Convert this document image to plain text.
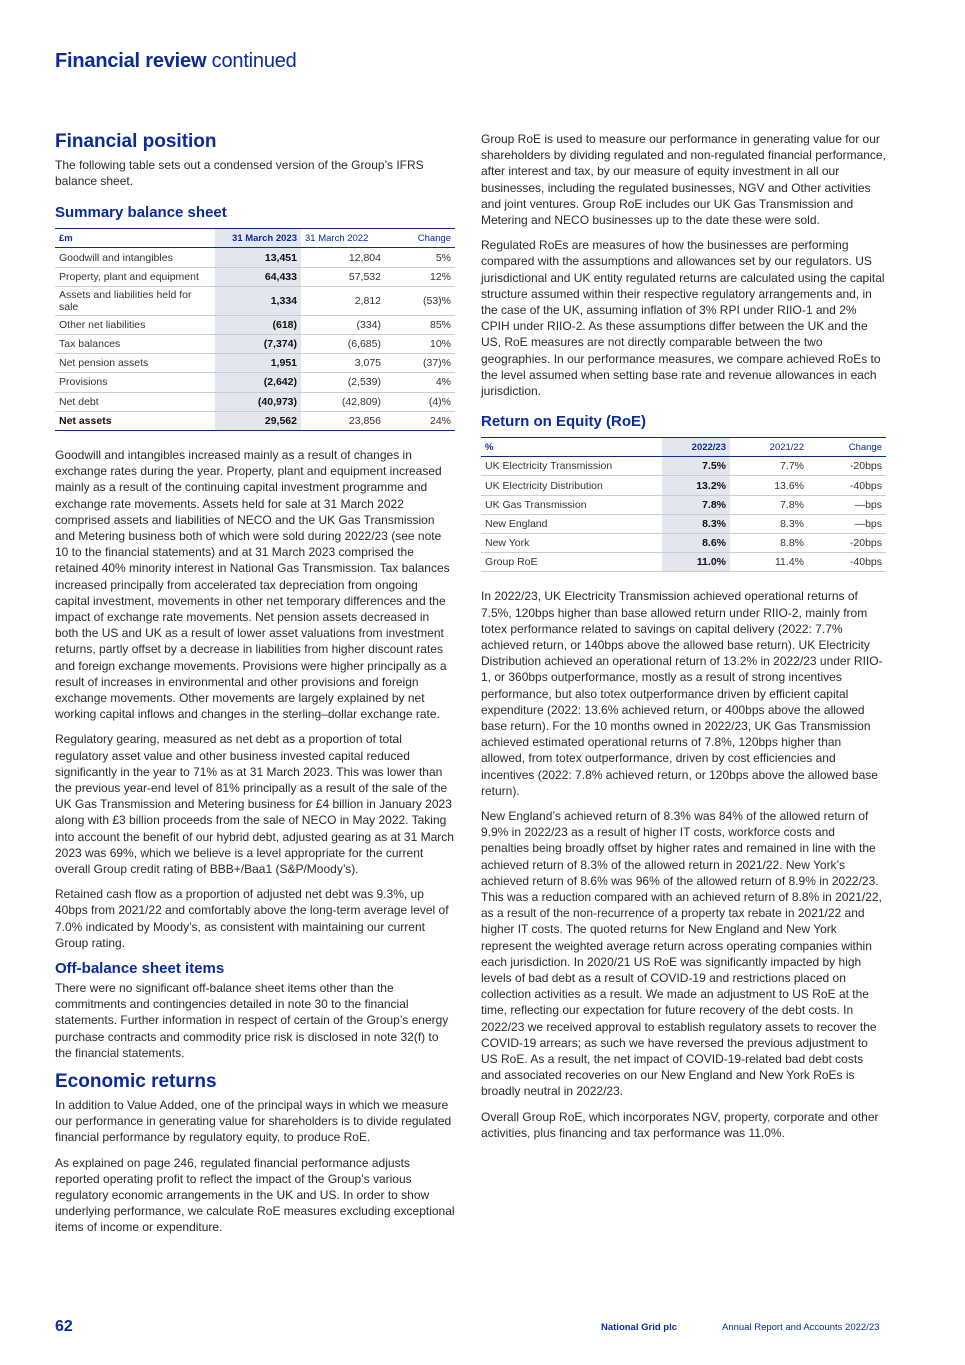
Financial review continued
Financial position

The following table sets out a condensed version of the Group’s IFRS balance sheet.

Summary balance sheet
£m	31 March 2023	31 March 2022	Change
Goodwill and intangibles	13,451	12,804	5%
Property, plant and equipment	64,433	57,532	12%
Assets and liabilities held for sale	1,334	2,812	(53)%
Other net liabilities	(618)	(334)	85%
Tax balances	(7,374)	(6,685)	10%
Net pension assets	1,951	3,075	(37)%
Provisions	(2,642)	(2,539)	4%
Net debt	(40,973)	(42,809)	(4)%
Net assets	29,562	23,856	24%

Goodwill and intangibles increased mainly as a result of changes in exchange rates during the year. Property, plant and equipment increased mainly as a result of the continuing capital investment programme and exchange rate movements. Assets held for sale at 31 March 2022 comprised assets and liabilities of NECO and the UK Gas Transmission and Metering business both of which were sold during 2022/23 (see note 10 to the financial statements) and at 31 March 2023 comprised the retained 40% minority interest in National Gas Transmission. Tax balances increased principally from accelerated tax depreciation from ongoing capital investment, movements in other net temporary differences and the impact of exchange rate movements. Net pension assets decreased in both the US and UK as a result of lower asset valuations from investment returns, partly offset by a decrease in liabilities from higher discount rates and foreign exchange movements. Provisions were higher principally as a result of increases in environmental and other provisions and foreign exchange movements. Other movements are largely explained by net working capital inflows and changes in the sterling–dollar exchange rate.

Regulatory gearing, measured as net debt as a proportion of total regulatory asset value and other business invested capital reduced significantly in the year to 71% as at 31 March 2023. This was lower than the previous year-end level of 81% principally as a result of the sale of the UK Gas Transmission and Metering business for £4 billion in January 2023 along with £3 billion proceeds from the sale of NECO in May 2022. Taking into account the benefit of our hybrid debt, adjusted gearing as at 31 March 2023 was 69%, which we believe is a level appropriate for the current overall Group credit rating of BBB+/Baa1 (S&P/Moody’s).

Retained cash flow as a proportion of adjusted net debt was 9.3%, up 40bps from 2021/22 and comfortably above the long-term average level of 7.0% indicated by Moody’s, as consistent with maintaining our current Group rating.

Off-balance sheet items

There were no significant off-balance sheet items other than the commitments and contingencies detailed in note 30 to the financial statements. Further information in respect of certain of the Group’s energy purchase contracts and commodity price risk is disclosed in note 32(f) to the financial statements.

Economic returns

In addition to Value Added, one of the principal ways in which we measure our performance in generating value for shareholders is to divide regulated financial performance by regulatory equity, to produce RoE.

As explained on page 246, regulated financial performance adjusts reported operating profit to reflect the impact of the Group’s various regulatory economic arrangements in the UK and US. In order to show underlying performance, we calculate RoE measures excluding exceptional items of income or expenditure.

Group RoE is used to measure our performance in generating value for our shareholders by dividing regulated and non-regulated financial performance, after interest and tax, by our measure of equity investment in all our businesses, including the regulated businesses, NGV and Other activities and joint ventures. Group RoE includes our UK Gas Transmission and Metering and NECO businesses up to the date these were sold.

Regulated RoEs are measures of how the businesses are performing compared with the assumptions and allowances set by our regulators. US jurisdictional and UK entity regulated returns are calculated using the capital structure assumed within their respective regulatory arrangements and, in the case of the UK, assuming inflation of 3% RPI under RIIO-1 and 2% CPIH under RIIO-2. As these assumptions differ between the UK and the US, RoE measures are not directly comparable between the two geographies. In our performance measures, we compare achieved RoEs to the level assumed when setting base rate and revenue allowances in each jurisdiction.

Return on Equity (RoE)
%	2022/23	2021/22	Change
UK Electricity Transmission	7.5%	7.7%	-20bps
UK Electricity Distribution	13.2%	13.6%	-40bps
UK Gas Transmission	7.8%	7.8%	—bps
New England	8.3%	8.3%	—bps
New York	8.6%	8.8%	-20bps
Group RoE	11.0%	11.4%	-40bps

In 2022/23, UK Electricity Transmission achieved operational returns of 7.5%, 120bps higher than base allowed return under RIIO-2, mainly from totex performance related to savings on capital delivery (2022: 7.7% achieved return, or 140bps above the allowed base return). UK Electricity Distribution achieved an operational return of 13.2% in 2022/23 under RIIO-1, or 360bps outperformance, mostly as a result of strong incentives performance, but also totex outperformance driven by efficient capital expenditure (2022: 13.6% achieved return, or 400bps above the allowed base return). For the 10 months owned in 2022/23, UK Gas Transmission achieved estimated operational returns of 7.8%, 120bps higher than allowed, from totex outperformance, driven by cost efficiencies and incentives (2022: 7.8% achieved return, or 120bps above the allowed base return).

New England’s achieved return of 8.3% was 84% of the allowed return of 9.9% in 2022/23 as a result of higher IT costs, workforce costs and penalties being broadly offset by higher rates and remained in line with the achieved return of 8.3% of the allowed return in 2021/22. New York’s achieved return of 8.6% was 96% of the allowed return of 8.9% in 2022/23. This was a reduction compared with an achieved return of 8.8% in 2021/22, as a result of the non-recurrence of a property tax rebate in 2021/22 and higher IT costs. The quoted returns for New England and New York represent the weighted average return across operating companies within each jurisdiction. In 2020/21 US RoE was significantly impacted by high levels of bad debt as a result of COVID-19 and restrictions placed on collection activities as a result. We made an adjustment to US RoE at the time, reflecting our expectation for future recovery of the debt costs. In 2022/23 we received approval to establish regulatory assets to recover the COVID-19 arrears; as such we have reversed the previous adjustment to US RoE. As a result, the net impact of COVID-19-related bad debt costs and associated recoveries on our New England and New York RoEs is broadly neutral in 2022/23.

Overall Group RoE, which incorporates NGV, property, corporate and other activities, plus financing and tax performance was 11.0%.

62	National Grid plc	Annual Report and Accounts 2022/23
